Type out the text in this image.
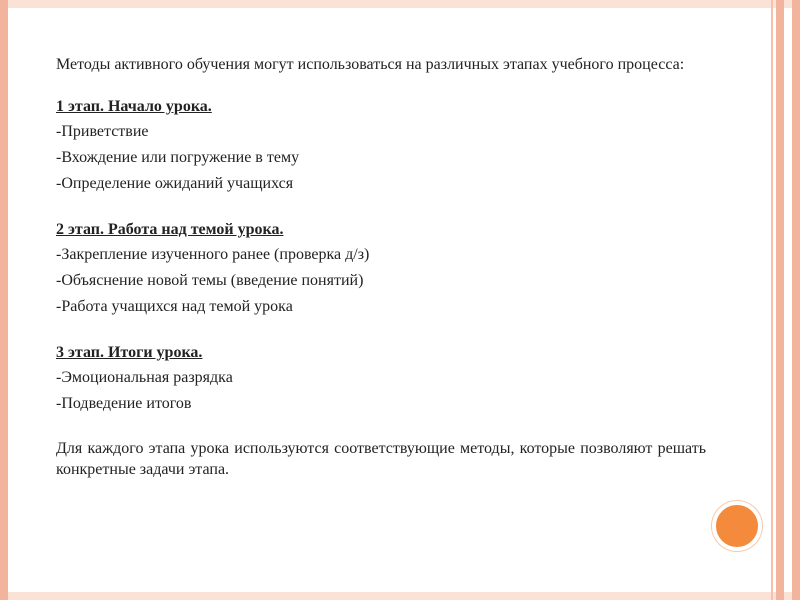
Методы активного обучения могут использоваться на различных этапах учебного процесса:

1 этап. Начало урока.

-Приветствие

-Вхождение или погружение в тему

-Определение ожиданий учащихся

2 этап. Работа над темой урока.

-Закрепление изученного ранее (проверка д/з)

-Объяснение новой темы (введение понятий)

-Работа учащихся над темой урока

3 этап. Итоги урока.

-Эмоциональная разрядка

-Подведение итогов

Для каждого этапа урока используются соответствующие методы, которые позволяют решать конкретные задачи этапа.
